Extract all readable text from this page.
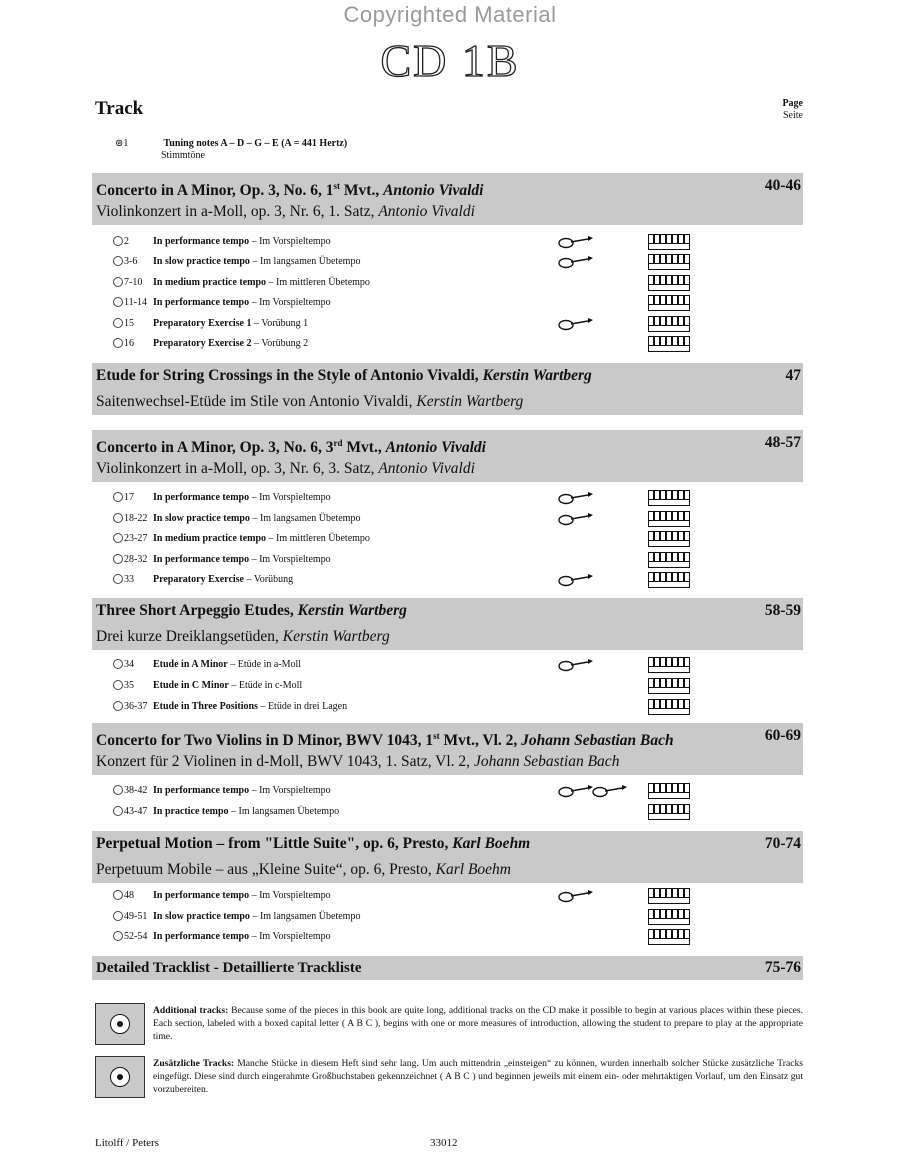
Copyrighted Material
CD 1B
Track	Page
Seite
⊚1	Tuning notes A – D – G – E (A = 441 Hertz)
Stimmtöne
Concerto in A Minor, Op. 3, No. 6, 1st Mvt., Antonio Vivaldi	40-46
Violinkonzert in a-Moll, op. 3, Nr. 6, 1. Satz, Antonio Vivaldi
Etude for String Crossings in the Style of Antonio Vivaldi, Kerstin Wartberg	47
Saitenwechsel-Etüde im Stile von Antonio Vivaldi, Kerstin Wartberg
Concerto in A Minor, Op. 3, No. 6, 3rd Mvt., Antonio Vivaldi	48-57
Violinkonzert in a-Moll, op. 3, Nr. 6, 3. Satz, Antonio Vivaldi
Three Short Arpeggio Etudes, Kerstin Wartberg	58-59
Drei kurze Dreiklangsetüden, Kerstin Wartberg
Concerto for Two Violins in D Minor, BWV 1043, 1st Mvt., Vl. 2, Johann Sebastian Bach	60-69
Konzert für 2 Violinen in d-Moll, BWV 1043, 1. Satz, Vl. 2, Johann Sebastian Bach
Perpetual Motion – from "Little Suite", op. 6, Presto, Karl Boehm	70-74
Perpetuum Mobile – aus „Kleine Suite“, op. 6, Presto, Karl Boehm
Detailed Tracklist - Detaillierte Trackliste	75-76
2 In performance tempo – Im Vorspieltempo
3-6 In slow practice tempo – Im langsamen Übetempo
7-10 In medium practice tempo – Im mittleren Übetempo
11-14 In performance tempo – Im Vorspieltempo
15 Preparatory Exercise 1 – Vorübung 1
16 Preparatory Exercise 2 – Vorübung 2
17 In performance tempo – Im Vorspieltempo
18-22 In slow practice tempo – Im langsamen Übetempo
23-27 In medium practice tempo – Im mittleren Übetempo
28-32 In performance tempo – Im Vorspieltempo
33 Preparatory Exercise – Vorübung
34 Etude in A Minor – Etüde in a-Moll
35 Etude in C Minor – Etüde in c-Moll
36-37 Etude in Three Positions – Etüde in drei Lagen
38-42 In performance tempo – Im Vorspieltempo
43-47 In practice tempo – Im langsamen Übetempo
48 In performance tempo – Im Vorspieltempo
49-51 In slow practice tempo – Im langsamen Übetempo
52-54 In performance tempo – Im Vorspieltempo
Additional tracks: Because some of the pieces in this book are quite long, additional tracks on the CD make it possible to begin at various places within these pieces. Each section, labeled with a boxed capital letter ( A B C ), begins with one or more measures of introduction, allowing the student to prepare to play at the appropriate time.
Zusätzliche Tracks: Manche Stücke in diesem Heft sind sehr lang. Um auch mittendrin „einsteigen“ zu können, wurden innerhalb solcher Stücke zusätzliche Tracks eingefügt. Diese sind durch eingerahmte Großbuchstaben gekennzeichnet ( A B C ) und beginnen jeweils mit einem ein- oder mehrtaktigen Vorlauf, um den Einsatz gut vorzubereiten.
Litolff / Peters	33012
